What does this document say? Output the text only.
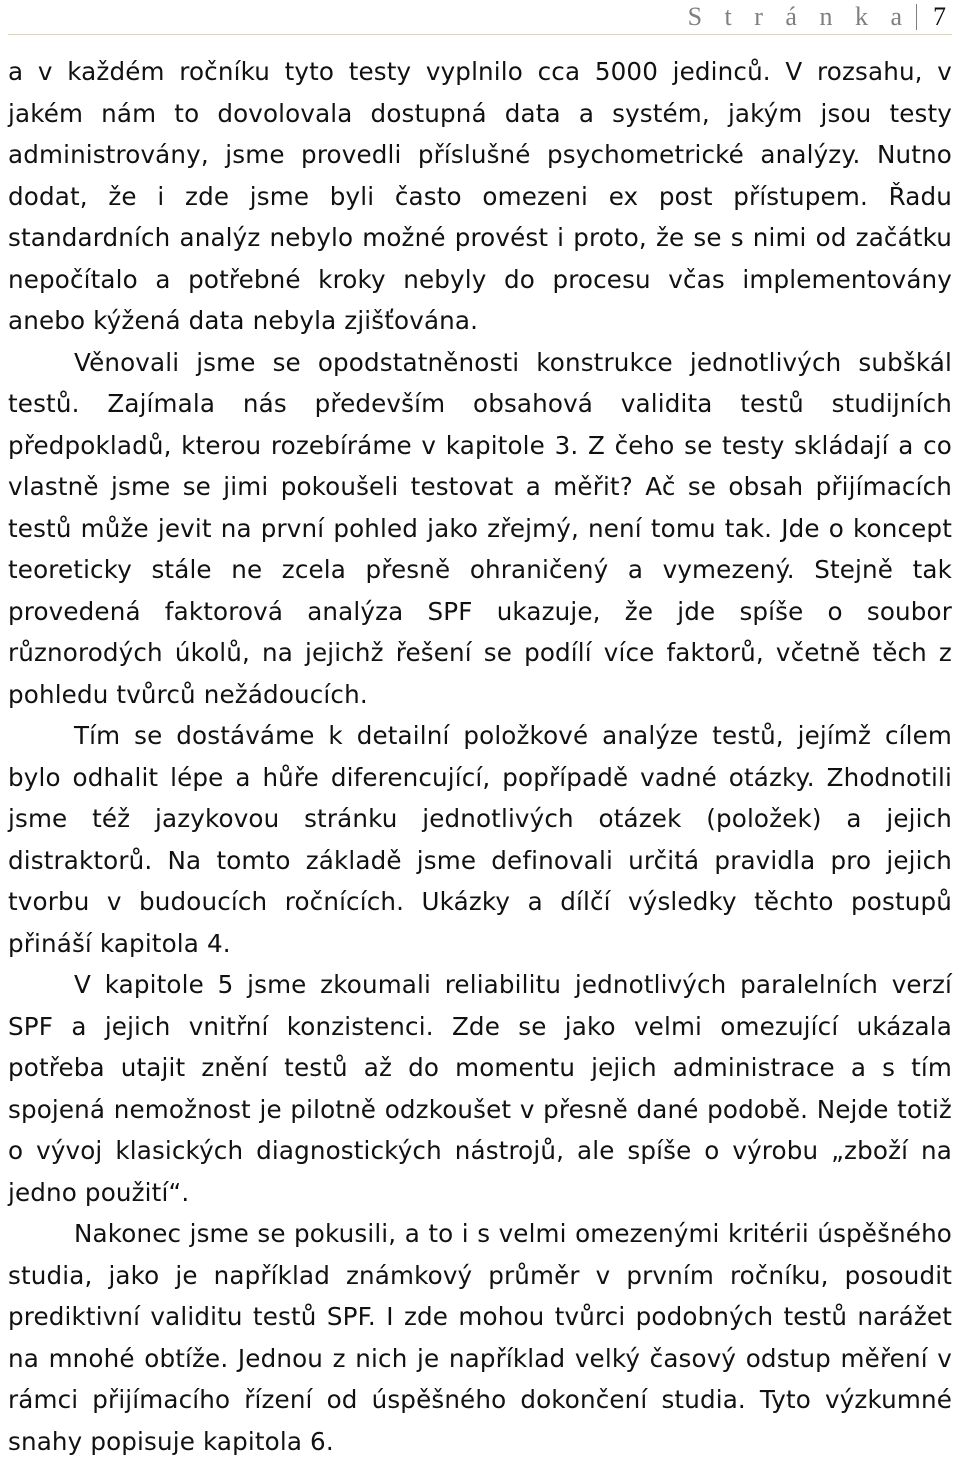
S t r á n k a 7

a v každém ročníku tyto testy vyplnilo cca 5000 jedinců. V rozsahu, v jakém nám to dovolovala dostupná data a systém, jakým jsou testy administrovány, jsme provedli příslušné psychometrické analýzy. Nutno dodat, že i zde jsme byli často omezeni ex post přístupem. Řadu standardních analýz nebylo možné provést i proto, že se s nimi od začátku nepočítalo a potřebné kroky nebyly do procesu včas implementovány anebo kýžená data nebyla zjišťována.

Věnovali jsme se opodstatněnosti konstrukce jednotlivých subškál testů. Zajímala nás především obsahová validita testů studijních předpokladů, kterou rozebíráme v kapitole 3. Z čeho se testy skládají a co vlastně jsme se jimi pokoušeli testovat a měřit? Ač se obsah přijímacích testů může jevit na první pohled jako zřejmý, není tomu tak. Jde o koncept teoreticky stále ne zcela přesně ohraničený a vymezený. Stejně tak provedená faktorová analýza SPF ukazuje, že jde spíše o soubor různorodých úkolů, na jejichž řešení se podílí více faktorů, včetně těch z pohledu tvůrců nežádoucích.

Tím se dostáváme k detailní položkové analýze testů, jejímž cílem bylo odhalit lépe a hůře diferencující, popřípadě vadné otázky. Zhodnotili jsme též jazykovou stránku jednotlivých otázek (položek) a jejich distraktorů. Na tomto základě jsme definovali určitá pravidla pro jejich tvorbu v budoucích ročnících. Ukázky a dílčí výsledky těchto postupů přináší kapitola 4.

V kapitole 5 jsme zkoumali reliabilitu jednotlivých paralelních verzí SPF a jejich vnitřní konzistenci. Zde se jako velmi omezující ukázala potřeba utajit znění testů až do momentu jejich administrace a s tím spojená nemožnost je pilotně odzkoušet v přesně dané podobě. Nejde totiž o vývoj klasických diagnostických nástrojů, ale spíše o výrobu „zboží na jedno použití“.

Nakonec jsme se pokusili, a to i s velmi omezenými kritérii úspěšného studia, jako je například známkový průměr v prvním ročníku, posoudit prediktivní validitu testů SPF. I zde mohou tvůrci podobných testů narážet na mnohé obtíže. Jednou z nich je například velký časový odstup měření v rámci přijímacího řízení od úspěšného dokončení studia. Tyto výzkumné snahy popisuje kapitola 6.
